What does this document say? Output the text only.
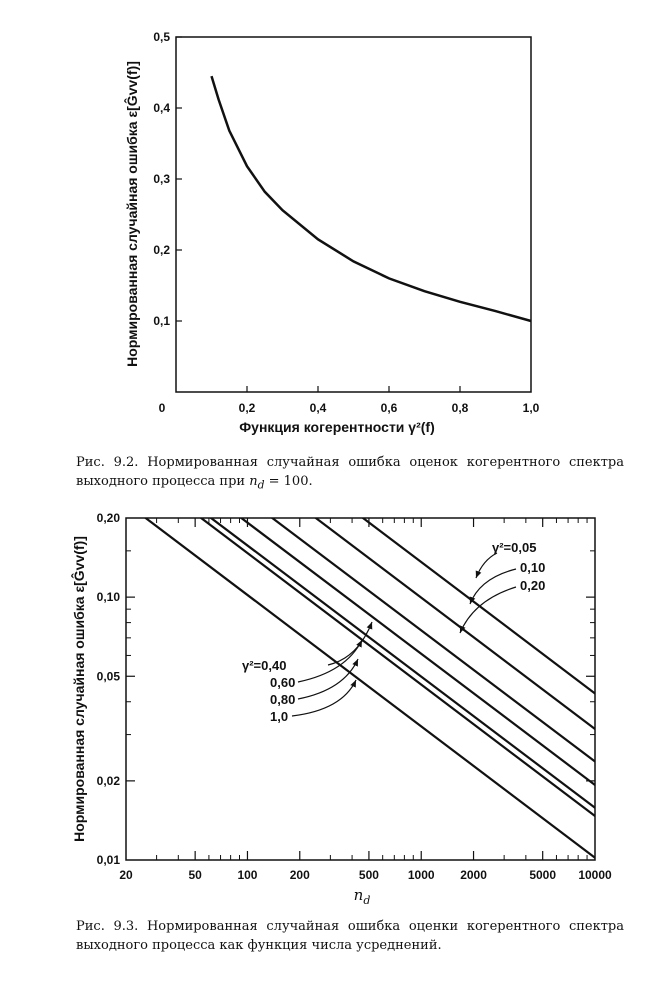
0,1
0,2
0,3
0,4
0,5
0	0,2	0,4	0,6	0,8	1,0
Функция когерентности γ²(f)
Нормированная случайная ошибка ε[Ĝvv(f)]
0,01
0,02
0,05
0,10
0,20
20	50	100	200	500 1000 2000	5000 10000
γ²=0,05
0,10
0,20
γ²=0,40
0,60
0,80
1,0
Нормированная случайная ошибка ε[Ĝvv(f)]
$n_d$
Рис. 9.2. Нормированная случайная ошибка оценок когерентного спектра выходного процесса при $n_d = 100$.
Рис. 9.3. Нормированная случайная ошибка оценки когерентного спектра выходного процесса как функция числа усреднений.
